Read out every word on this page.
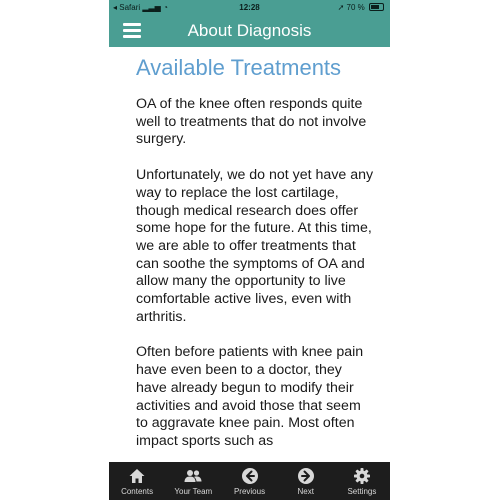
◂ Safari ▂▃▅ ◔	12:28	➚ 70 %
About Diagnosis
Available Treatments

OA of the knee often responds quite well to treatments that do not involve surgery.

Unfortunately, we do not yet have any way to replace the lost cartilage, though medical research does offer some hope for the future. At this time, we are able to offer treatments that can soothe the symptoms of OA and allow many the opportunity to live comfortable active lives, even with arthritis.

Often before patients with knee pain have even been to a doctor, they have already begun to modify their activities and avoid those that seem to aggravate knee pain. Most often impact sports such as

Contents	Your Team	Previous	Next	Settings
